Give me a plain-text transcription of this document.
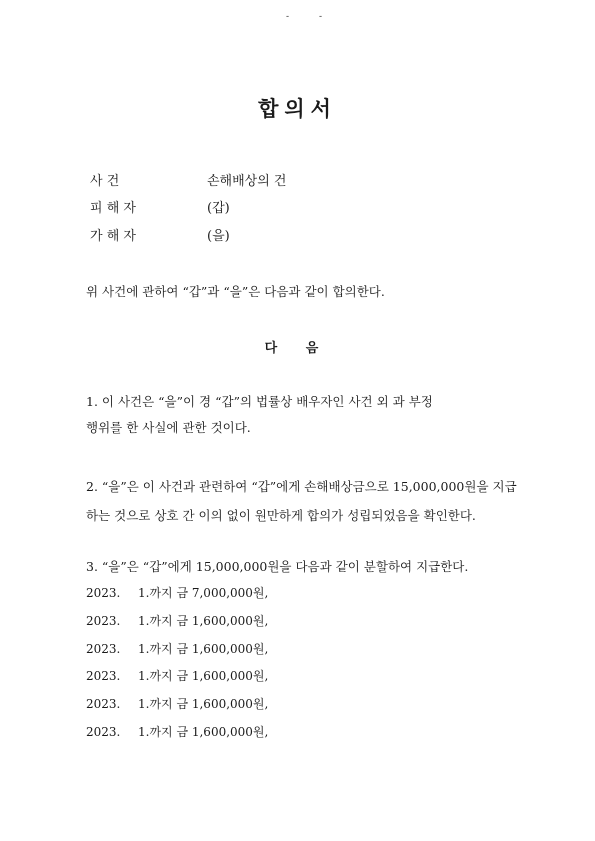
-	-
합의서
사 건	손해배상의 건
피 해 자	(갑)
가 해 자	(을)
위 사건에 관하여 “갑”과 “을”은 다음과 같이 합의한다.
다 음
1. 이 사건은 “을”이 경 “갑”의 법률상 배우자인 사건 외 과 부정
행위를 한 사실에 관한 것이다.
2. “을”은 이 사건과 관련하여 “갑”에게 손해배상금으로 15,000,000원을 지급
하는 것으로 상호 간 이의 없이 원만하게 합의가 성립되었음을 확인한다.
3. “을”은 “갑”에게 15,000,000원을 다음과 같이 분할하여 지급한다.
2023. 1.까지 금 7,000,000원,
2023. 1.까지 금 1,600,000원,
2023. 1.까지 금 1,600,000원,
2023. 1.까지 금 1,600,000원,
2023. 1.까지 금 1,600,000원,
2023. 1.까지 금 1,600,000원,
